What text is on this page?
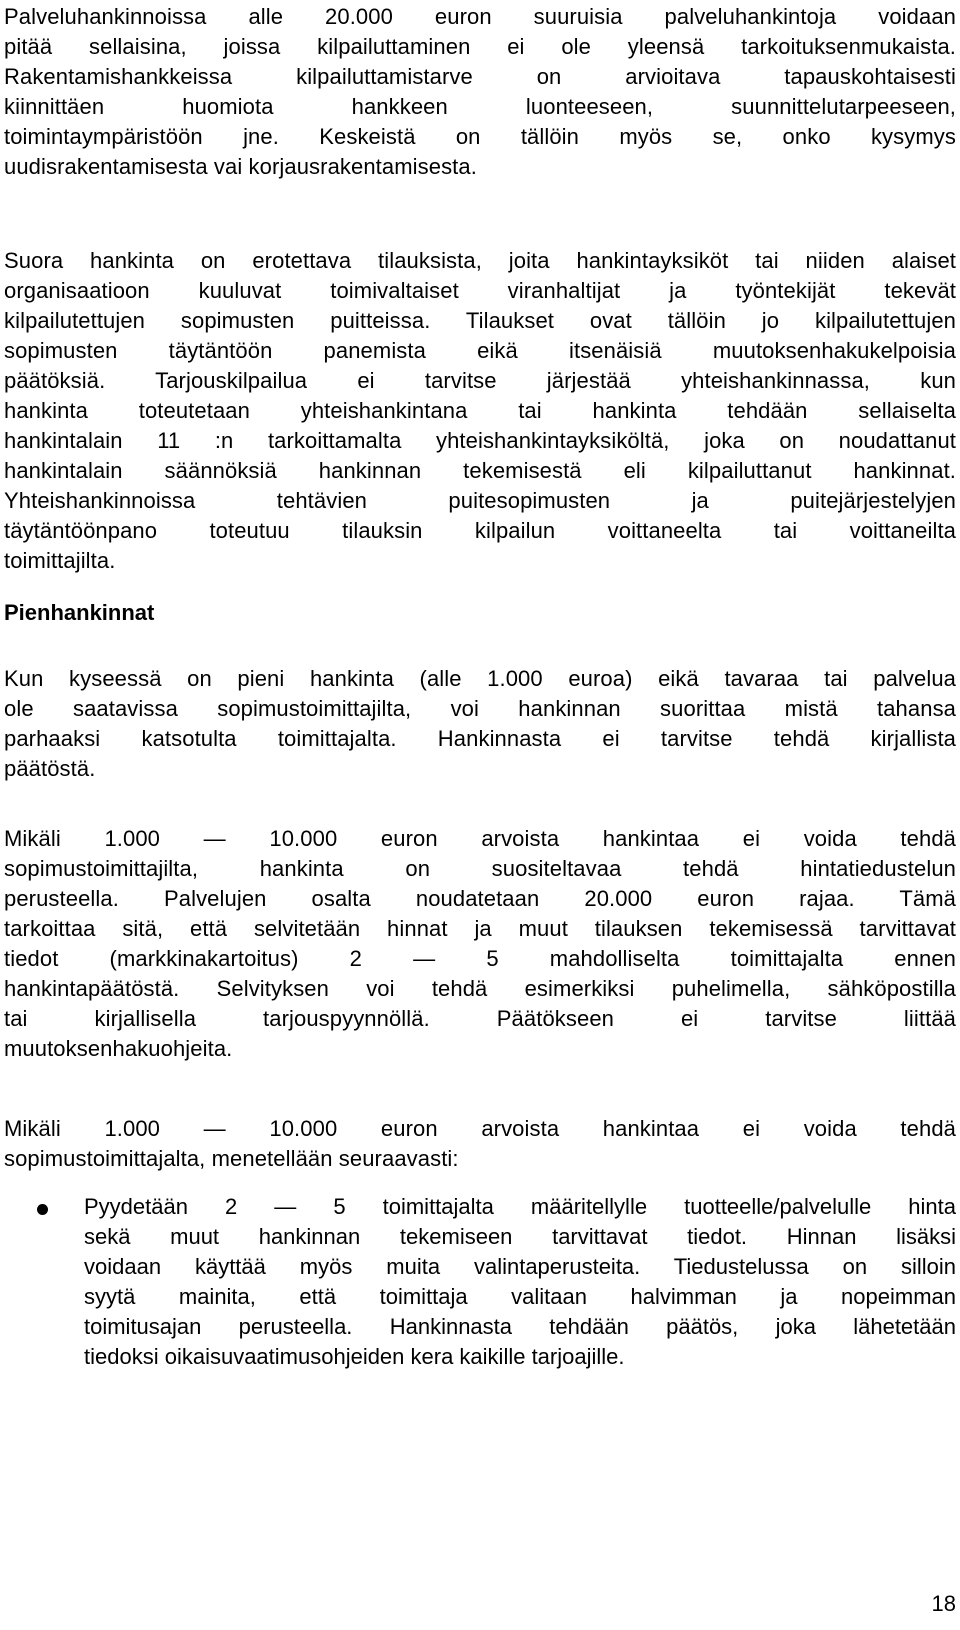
Palveluhankinnoissa alle 20.000 euron suuruisia palveluhankintoja voidaan
pitää sellaisina, joissa kilpailuttaminen ei ole yleensä tarkoituksenmukaista.
Rakentamishankkeissa kilpailuttamistarve on arvioitava tapauskohtaisesti
kiinnittäen huomiota hankkeen luonteeseen, suunnittelutarpeeseen,
toimintaympäristöön jne. Keskeistä on tällöin myös se, onko kysymys
uudisrakentamisesta vai korjausrakentamisesta.
Suora hankinta on erotettava tilauksista, joita hankintayksiköt tai niiden alaiset
organisaatioon kuuluvat toimivaltaiset viranhaltijat ja työntekijät tekevät
kilpailutettujen sopimusten puitteissa. Tilaukset ovat tällöin jo kilpailutettujen
sopimusten täytäntöön panemista eikä itsenäisiä muutoksenhakukelpoisia
päätöksiä. Tarjouskilpailua ei tarvitse järjestää yhteishankinnassa, kun
hankinta toteutetaan yhteishankintana tai hankinta tehdään sellaiselta
hankintalain 11 :n tarkoittamalta yhteishankintayksiköltä, joka on noudattanut
hankintalain säännöksiä hankinnan tekemisestä eli kilpailuttanut hankinnat.
Yhteishankinnoissa tehtävien puitesopimusten ja puitejärjestelyjen
täytäntöönpano toteutuu tilauksin kilpailun voittaneelta tai voittaneilta
toimittajilta.
Pienhankinnat
Kun kyseessä on pieni hankinta (alle 1.000 euroa) eikä tavaraa tai palvelua
ole saatavissa sopimustoimittajilta, voi hankinnan suorittaa mistä tahansa
parhaaksi katsotulta toimittajalta. Hankinnasta ei tarvitse tehdä kirjallista
päätöstä.
Mikäli 1.000 — 10.000 euron arvoista hankintaa ei voida tehdä
sopimustoimittajilta, hankinta on suositeltavaa tehdä hintatiedustelun
perusteella. Palvelujen osalta noudatetaan 20.000 euron rajaa. Tämä
tarkoittaa sitä, että selvitetään hinnat ja muut tilauksen tekemisessä tarvittavat
tiedot (markkinakartoitus) 2 — 5 mahdolliselta toimittajalta ennen
hankintapäätöstä. Selvityksen voi tehdä esimerkiksi puhelimella, sähköpostilla
tai kirjallisella tarjouspyynnöllä. Päätökseen ei tarvitse liittää
muutoksenhakuohjeita.
Mikäli 1.000 — 10.000 euron arvoista hankintaa ei voida tehdä
sopimustoimittajalta, menetellään seuraavasti:
Pyydetään 2 — 5 toimittajalta määritellylle tuotteelle/palvelulle hinta
sekä muut hankinnan tekemiseen tarvittavat tiedot. Hinnan lisäksi
voidaan käyttää myös muita valintaperusteita. Tiedustelussa on silloin
syytä mainita, että toimittaja valitaan halvimman ja nopeimman
toimitusajan perusteella. Hankinnasta tehdään päätös, joka lähetetään
tiedoksi oikaisuvaatimusohjeiden kera kaikille tarjoajille.
18
